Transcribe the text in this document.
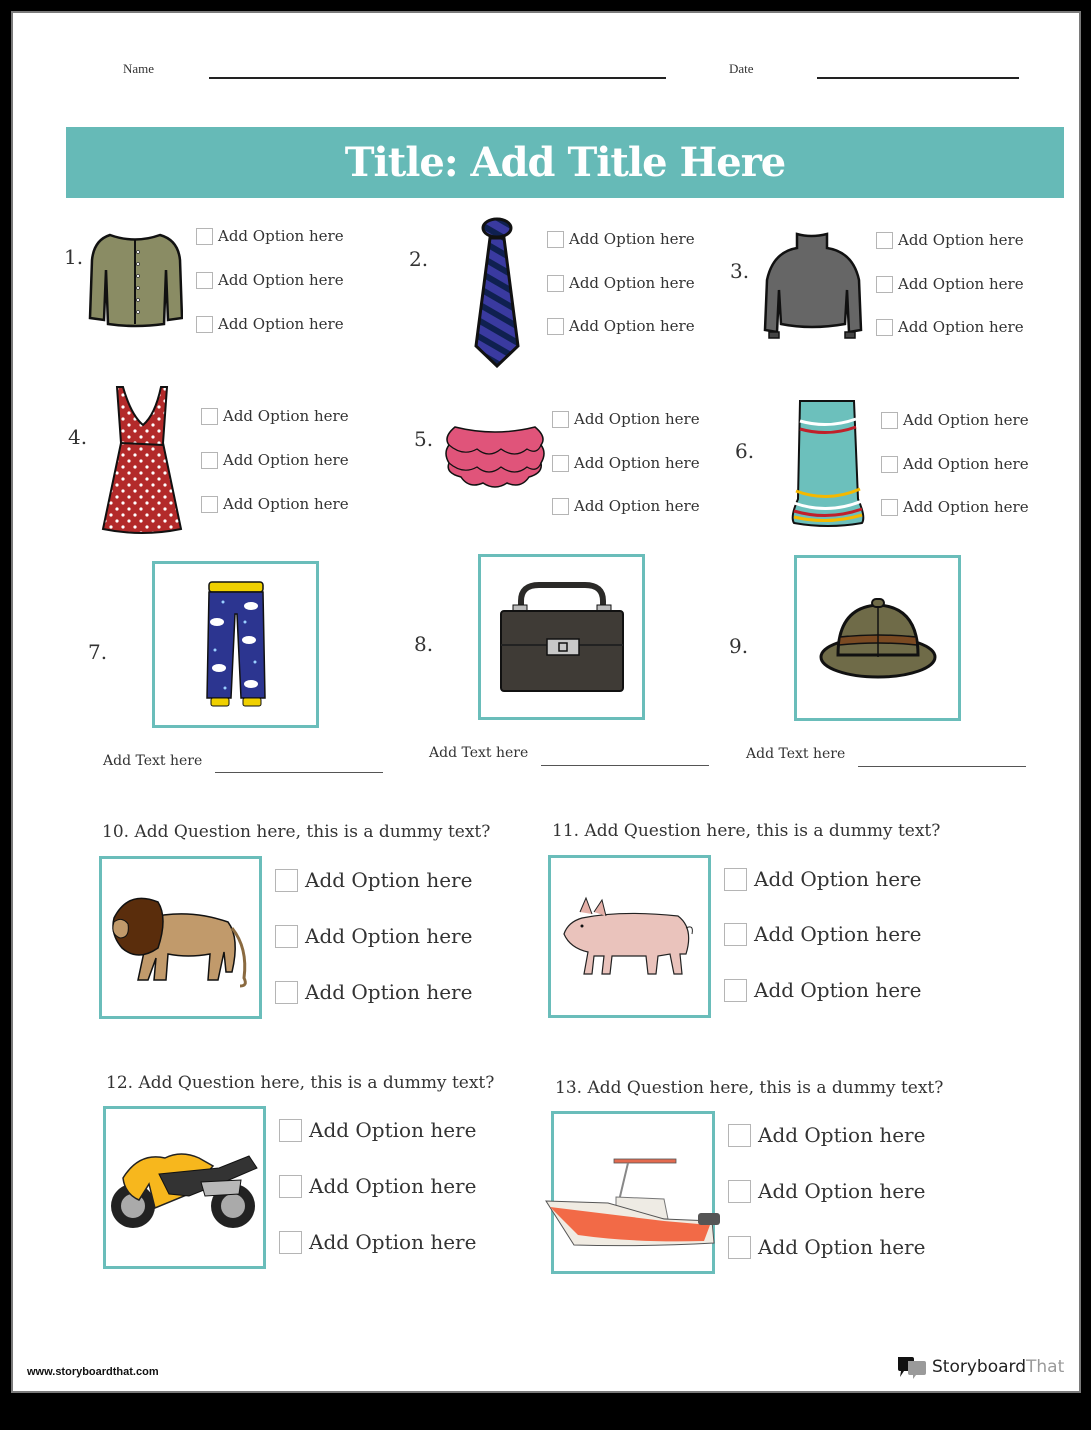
Name	Date
Title: Add Title Here
1.
Add Option here
Add Option here
Add Option here
2.
Add Option here
Add Option here
Add Option here
3.
Add Option here
Add Option here
Add Option here
4.
Add Option here
Add Option here
Add Option here
5.
Add Option here
Add Option here
Add Option here
6.
Add Option here
Add Option here
Add Option here
7.
Add Text here
8.
Add Text here
9.
Add Text here
10. Add Question here, this is a dummy text?
Add Option here
Add Option here
Add Option here
11. Add Question here, this is a dummy text?
Add Option here
Add Option here
Add Option here
12. Add Question here, this is a dummy text?
Add Option here
Add Option here
Add Option here
13. Add Question here, this is a dummy text?
Add Option here
Add Option here
Add Option here
www.storyboardthat.com	Storyboard That
